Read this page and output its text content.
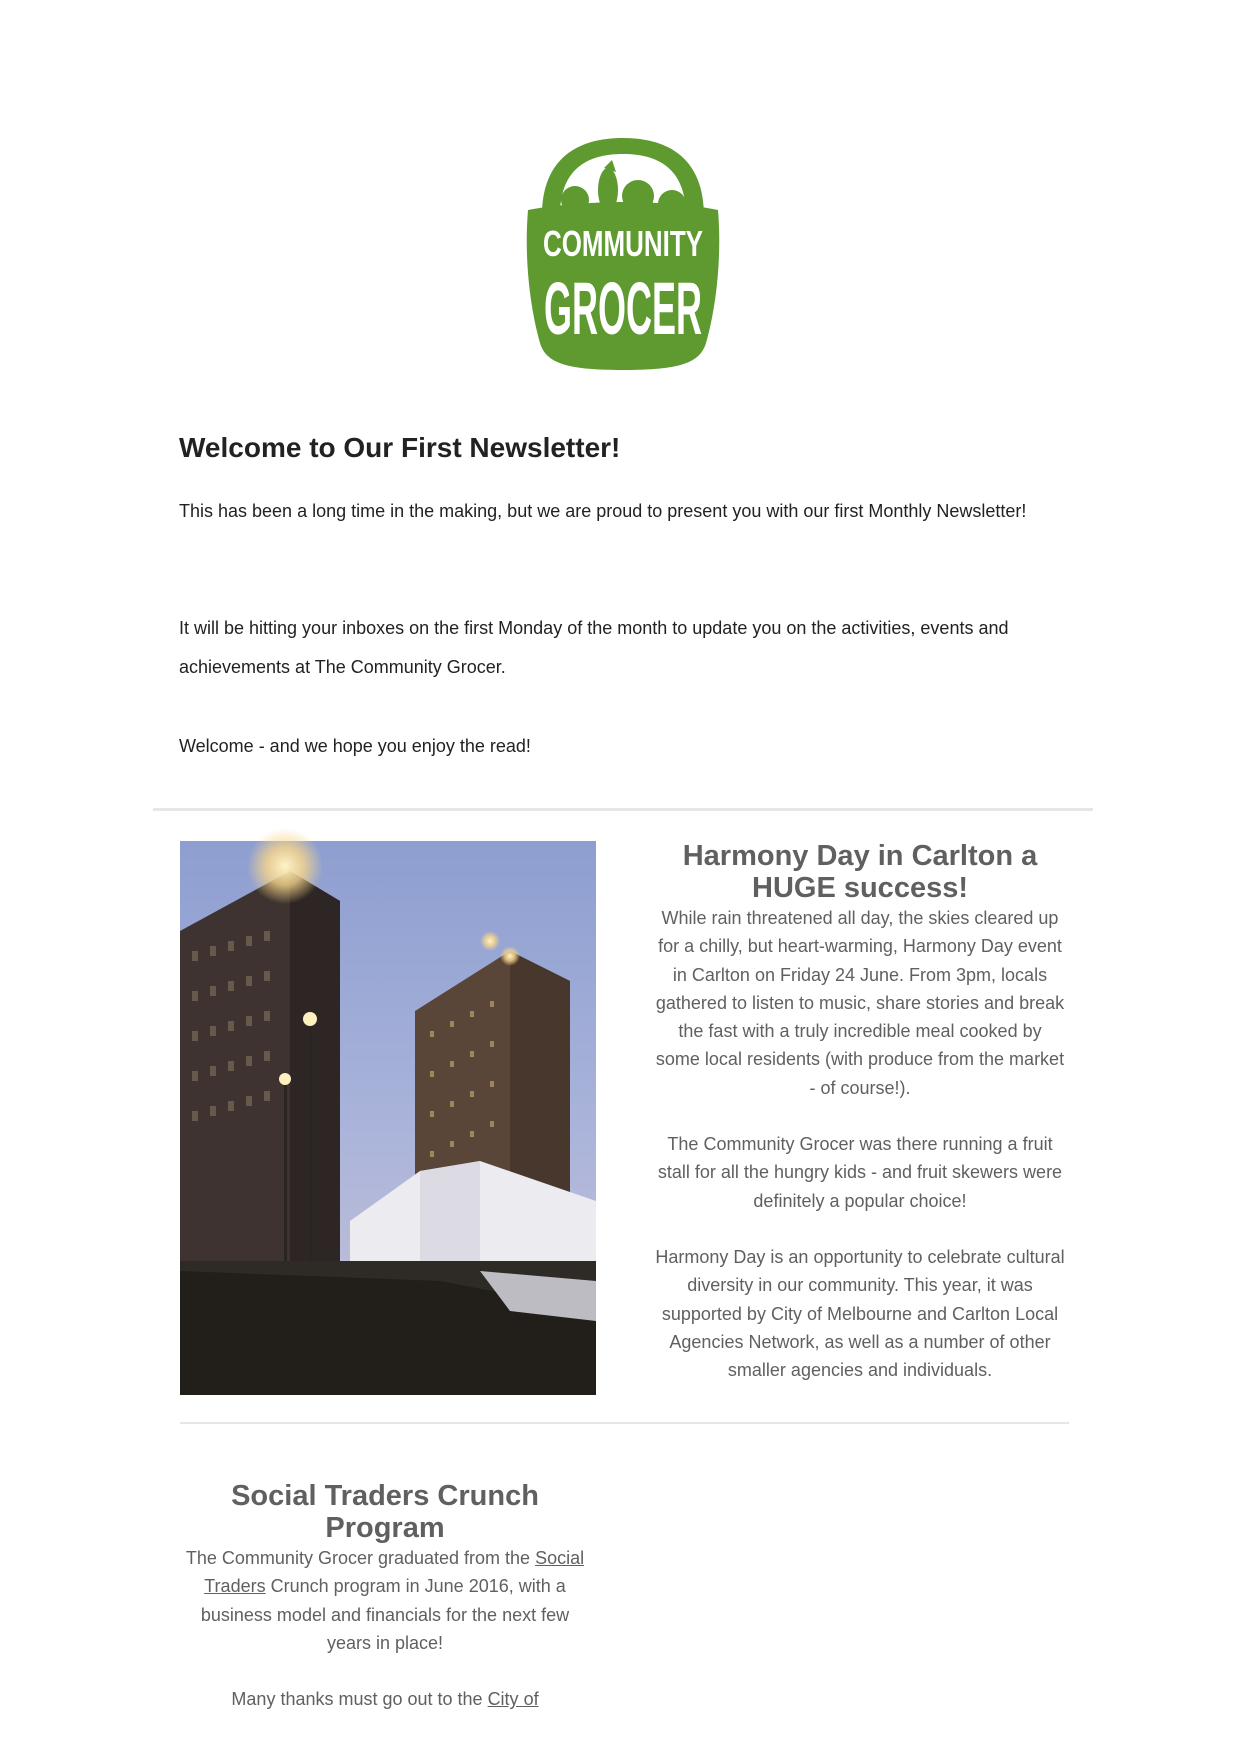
COMMUNITY
GROCER
Welcome to Our First Newsletter!

This has been a long time in the making, but we are proud to present you with our first Monthly Newsletter!

It will be hitting your inboxes on the first Monday of the month to update you on the activities, events and achievements at The Community Grocer.

Welcome - and we hope you enjoy the read!

Harmony Day in Carlton a HUGE success!

While rain threatened all day, the skies cleared up for a chilly, but heart-warming, Harmony Day event in Carlton on Friday 24 June. From 3pm, locals gathered to listen to music, share stories and break the fast with a truly incredible meal cooked by some local residents (with produce from the market - of course!).

The Community Grocer was there running a fruit stall for all the hungry kids - and fruit skewers were definitely a popular choice!

Harmony Day is an opportunity to celebrate cultural diversity in our community. This year, it was supported by City of Melbourne and Carlton Local Agencies Network, as well as a number of other smaller agencies and individuals.

Social Traders Crunch Program

The Community Grocer graduated from the Social Traders Crunch program in June 2016, with a business model and financials for the next few years in place!

Many thanks must go out to the City of
